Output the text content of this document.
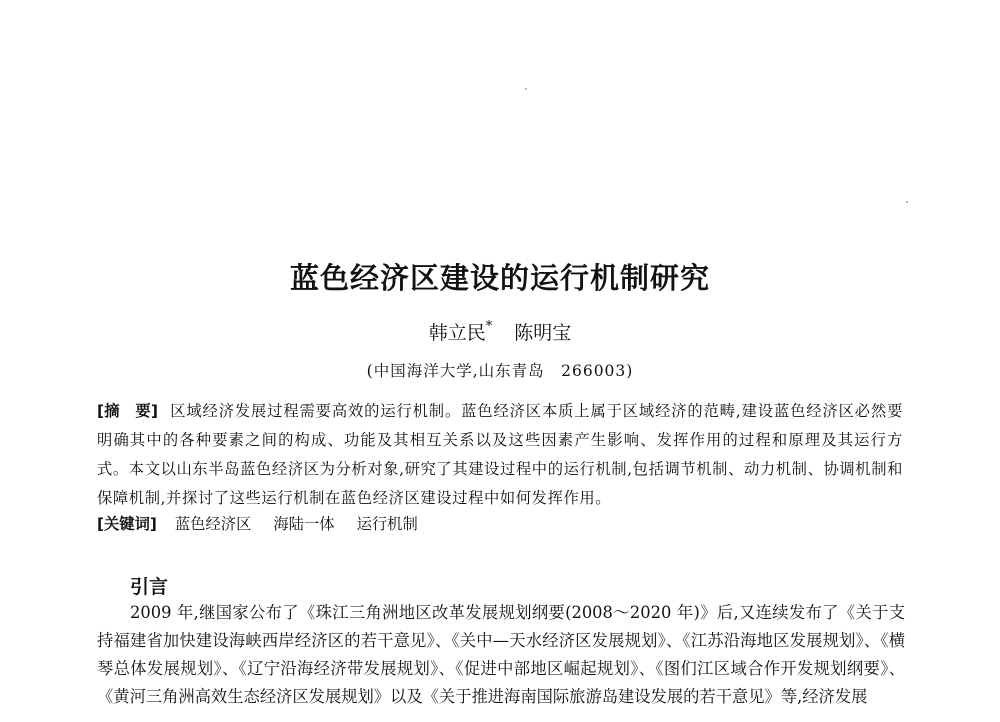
蓝色经济区建设的运行机制研究
韩立民* 陈明宝
(中国海洋大学,山东青岛　266003)
[摘　要] 区域经济发展过程需要高效的运行机制。蓝色经济区本质上属于区域经济的范畴,建设蓝色经济区必然要明确其中的各种要素之间的构成、功能及其相互关系以及这些因素产生影响、发挥作用的过程和原理及其运行方式。本文以山东半岛蓝色经济区为分析对象,研究了其建设过程中的运行机制,包括调节机制、动力机制、协调机制和保障机制,并探讨了这些运行机制在蓝色经济区建设过程中如何发挥作用。
[关键词] 蓝色经济区 海陆一体 运行机制
引言
2009 年,继国家公布了《珠江三角洲地区改革发展规划纲要(2008～2020 年)》后,又连续发布了《关于支持福建省加快建设海峡西岸经济区的若干意见》、《关中—天水经济区发展规划》、《江苏沿海地区发展规划》、《横琴总体发展规划》、《辽宁沿海经济带发展规划》、《促进中部地区崛起规划》、《图们江区域合作开发规划纲要》、《黄河三角洲高效生态经济区发展规划》以及《关于推进海南国际旅游岛建设发展的若干意见》等,经济发展
